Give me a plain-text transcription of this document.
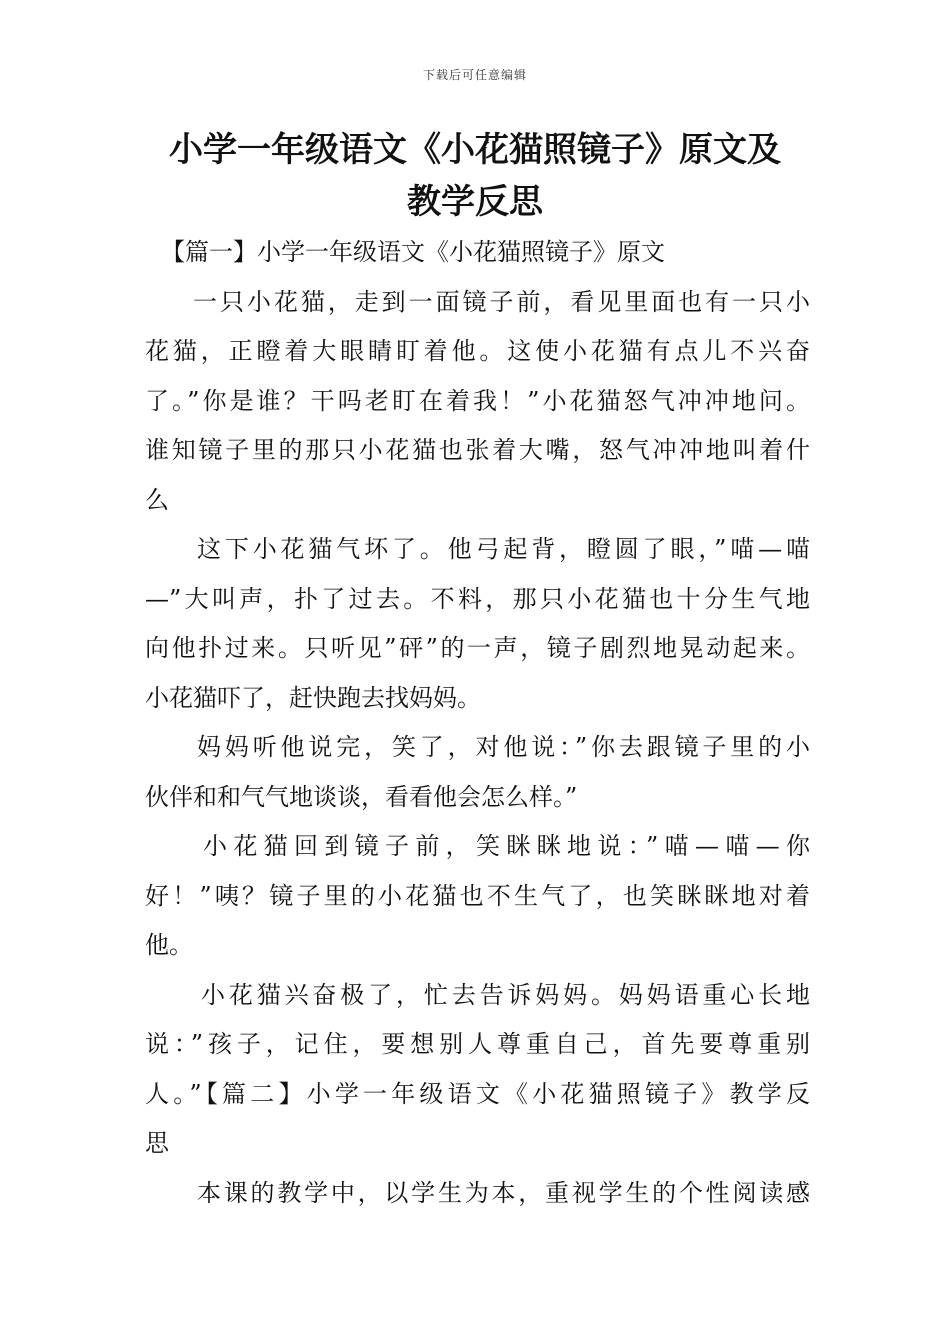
下载后可任意编辑
小学一年级语文《小花猫照镜子》原文及
教学反思
【篇一】小学一年级语文《小花猫照镜子》原文
一只小花猫，走到一面镜子前，看见里面也有一只小
花猫，正瞪着大眼睛盯着他。这使小花猫有点儿不兴奋
了。”你是谁？干吗老盯在着我！”小花猫怒气冲冲地问。
谁知镜子里的那只小花猫也张着大嘴，怒气冲冲地叫着什
么
这下小花猫气坏了。他弓起背，瞪圆了眼，”喵—喵
—”大叫声，扑了过去。不料，那只小花猫也十分生气地
向他扑过来。只听见”砰”的一声，镜子剧烈地晃动起来。
小花猫吓了，赶快跑去找妈妈。
妈妈听他说完，笑了，对他说：”你去跟镜子里的小
伙伴和和气气地谈谈，看看他会怎么样。”
小花猫回到镜子前，笑眯眯地说：”喵—喵—你
好！”咦？镜子里的小花猫也不生气了，也笑眯眯地对着
他。
小花猫兴奋极了，忙去告诉妈妈。妈妈语重心长地
说：”孩子，记住，要想别人尊重自己，首先要尊重别
人。”【篇二】小学一年级语文《小花猫照镜子》教学反
思
本课的教学中，以学生为本，重视学生的个性阅读感
